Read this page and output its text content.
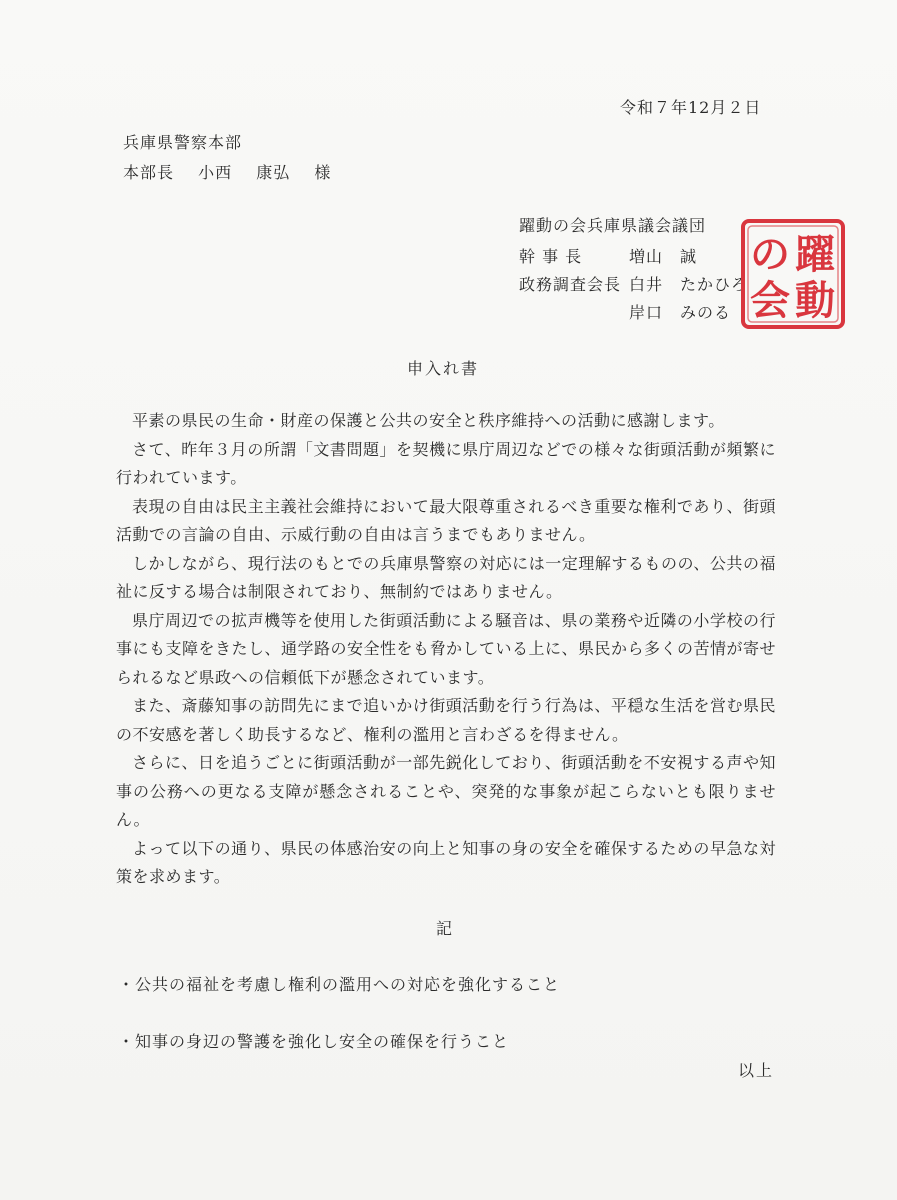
令和７年12月２日
兵庫県警察本部
本部長 小西 康弘 様
躍動の会兵庫県議会議団
幹 事 長	増山　誠
政務調査会長 白井　たかひろ
岸口　みのる
躍
動
の
会
申入れ書

平素の県民の生命・財産の保護と公共の安全と秩序維持への活動に感謝します。

さて、昨年３月の所謂「文書問題」を契機に県庁周辺などでの様々な街頭活動が頻繁に行われています。

表現の自由は民主主義社会維持において最大限尊重されるべき重要な権利であり、街頭活動での言論の自由、示威行動の自由は言うまでもありません。

しかしながら、現行法のもとでの兵庫県警察の対応には一定理解するものの、公共の福祉に反する場合は制限されており、無制約ではありません。

県庁周辺での拡声機等を使用した街頭活動による騒音は、県の業務や近隣の小学校の行事にも支障をきたし、通学路の安全性をも脅かしている上に、県民から多くの苦情が寄せられるなど県政への信頼低下が懸念されています。

また、斎藤知事の訪問先にまで追いかけ街頭活動を行う行為は、平穏な生活を営む県民の不安感を著しく助長するなど、権利の濫用と言わざるを得ません。

さらに、日を追うごとに街頭活動が一部先鋭化しており、街頭活動を不安視する声や知事の公務への更なる支障が懸念されることや、突発的な事象が起こらないとも限りません。

よって以下の通り、県民の体感治安の向上と知事の身の安全を確保するための早急な対策を求めます。

記
・公共の福祉を考慮し権利の濫用への対応を強化すること
・知事の身辺の警護を強化し安全の確保を行うこと
以上
